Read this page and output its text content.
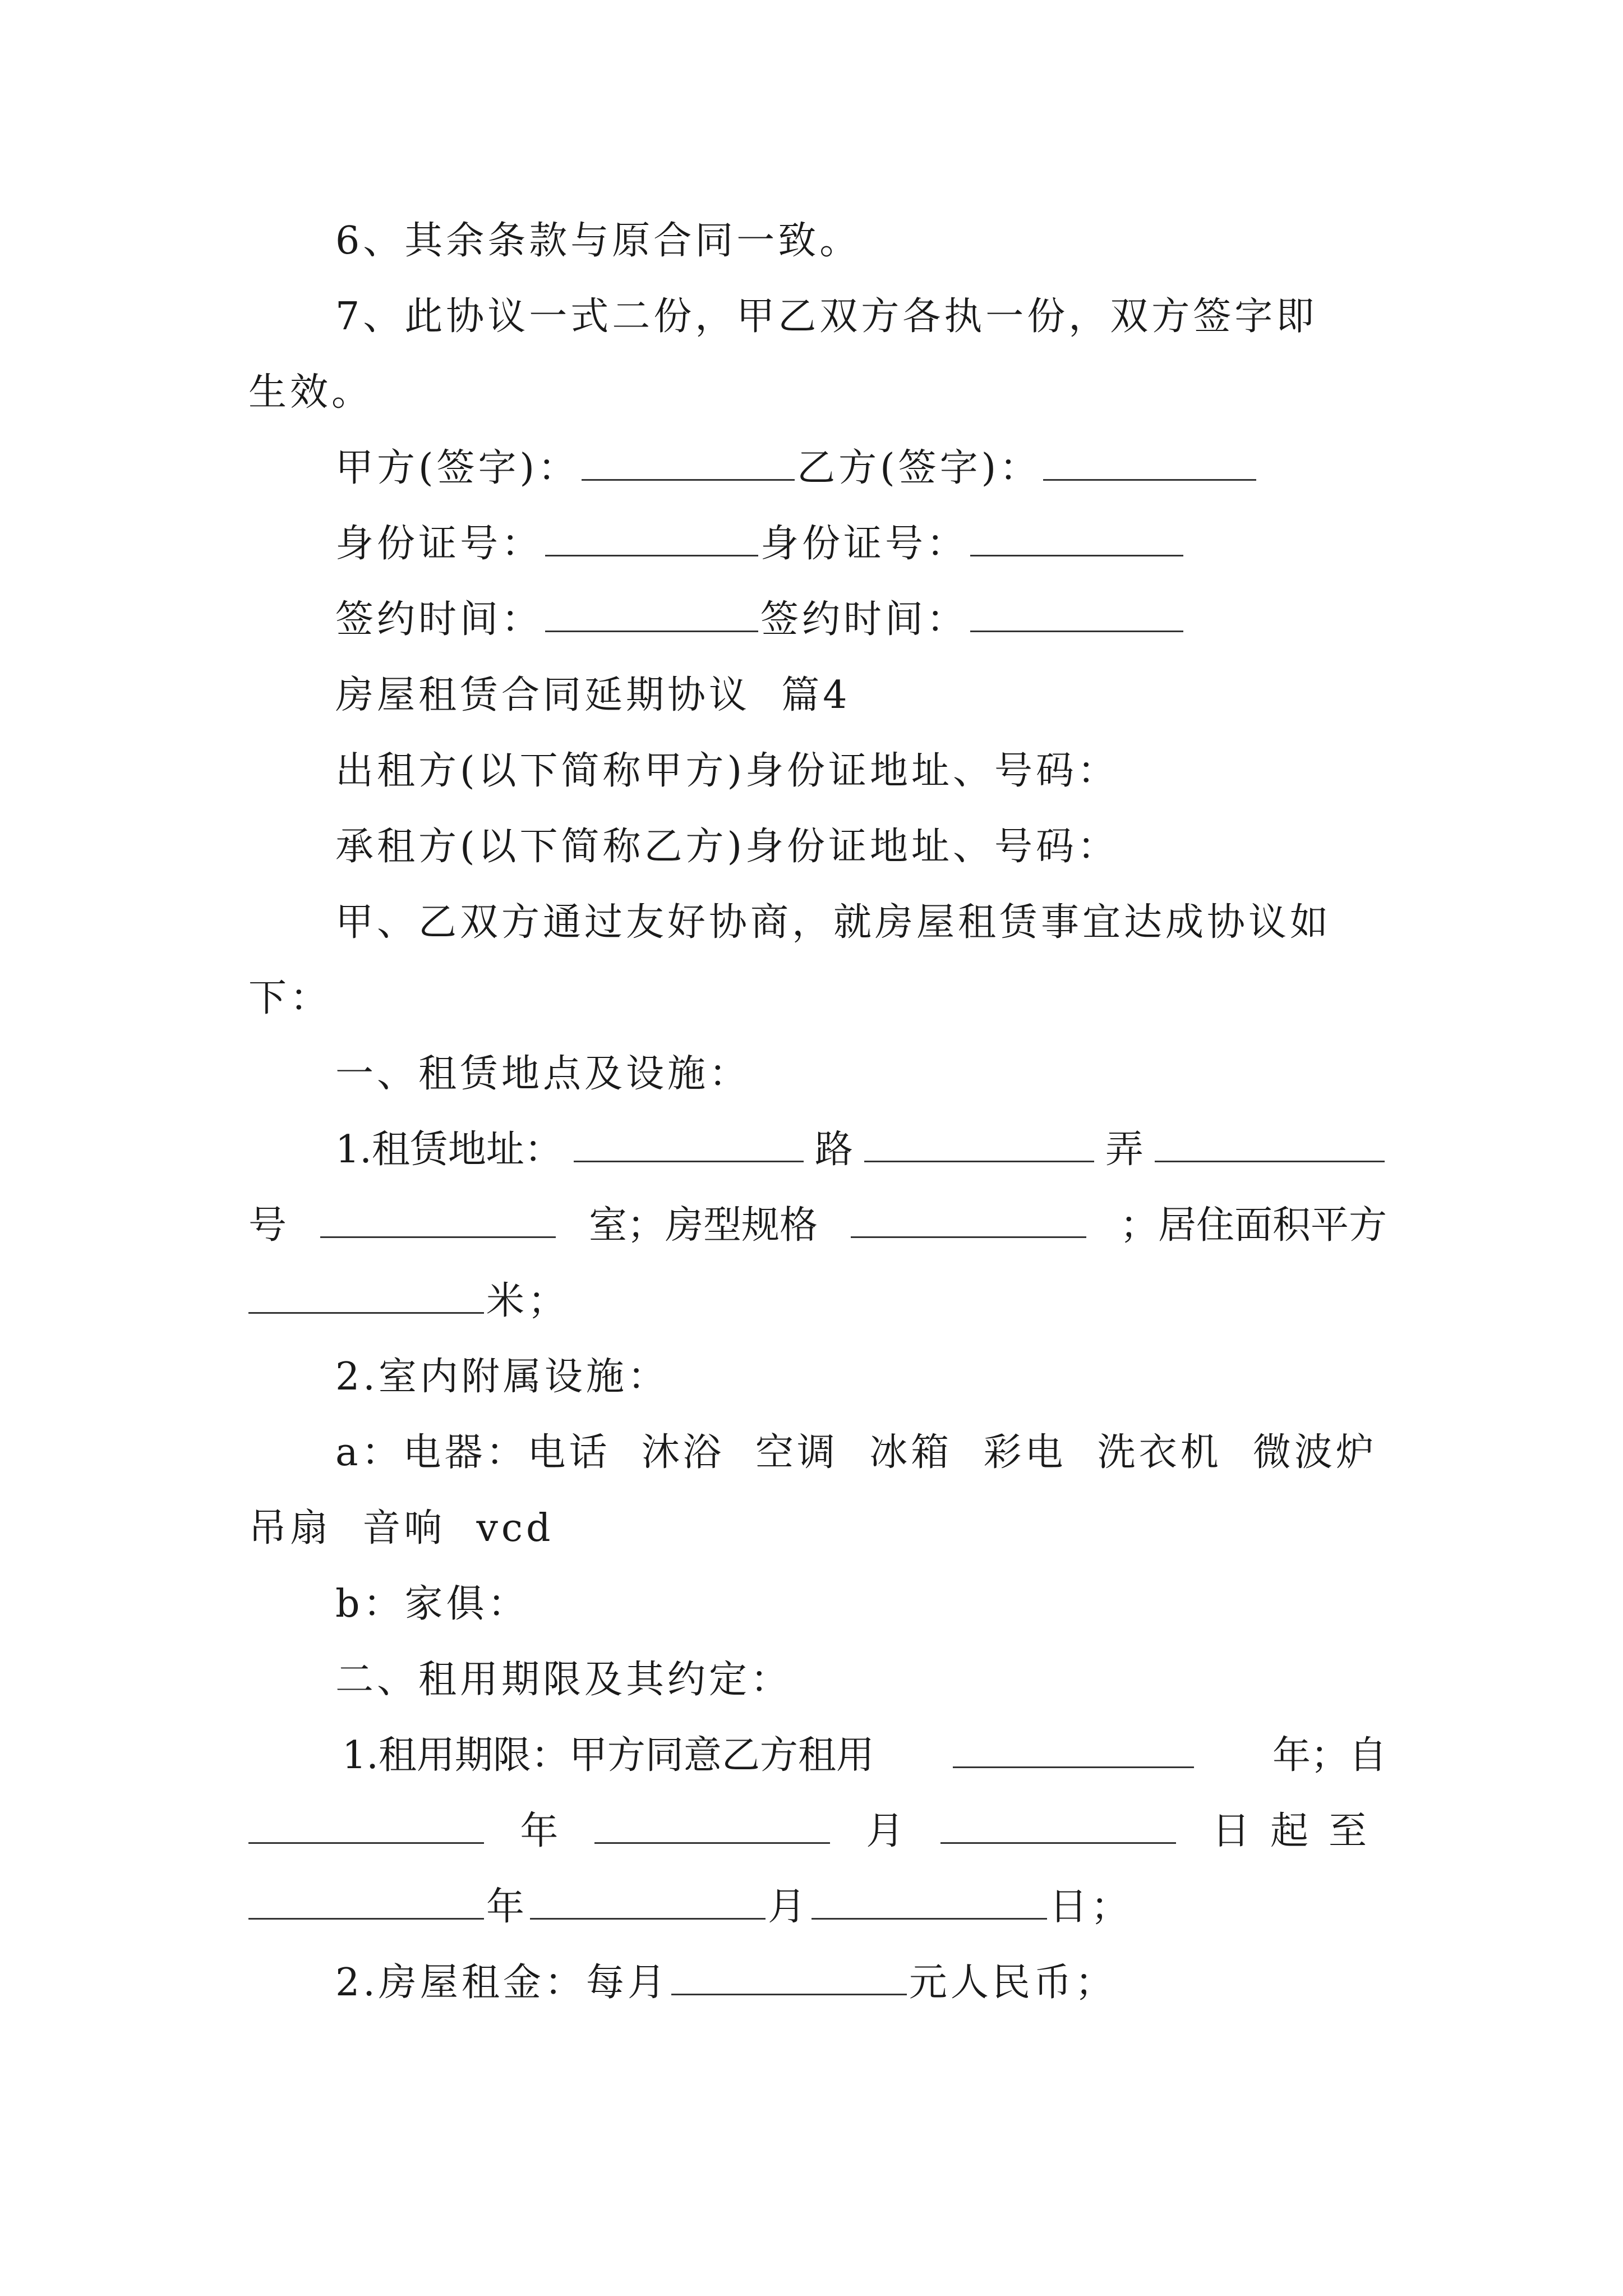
6、其余条款与原合同一致。
7、此协议一式二份，甲乙双方各执一份，双方签字即
生效。
甲方(签字)：	乙方(签字)：
身份证号：	身份证号：
签约时间：	签约时间：
房屋租赁合同延期协议  篇4
出租方(以下简称甲方)身份证地址、号码：
承租方(以下简称乙方)身份证地址、号码：
甲、乙双方通过友好协商，就房屋租赁事宜达成协议如
下：
一、租赁地点及设施：
1.租赁地址：	路	弄
号	室；房型规格	；居住面积平方
米；
2.室内附属设施：
a：电器：电话  沐浴  空调  冰箱  彩电  洗衣机  微波炉
吊扇  音响  vcd
b：家俱：
二、租用期限及其约定：
1.租用期限：甲方同意乙方租用	年；自
年	月	日起至
年	月	日；
2.房屋租金：每月	元人民币；
